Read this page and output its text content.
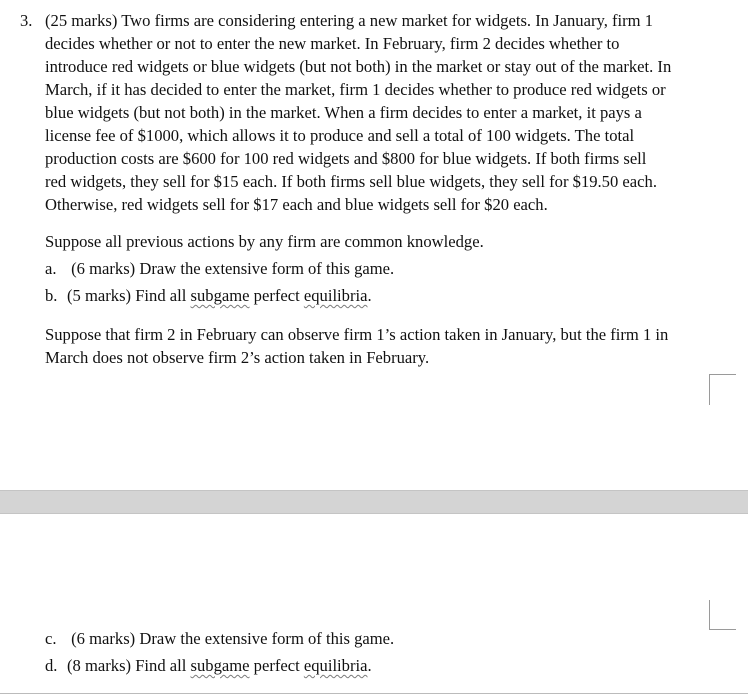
3. (25 marks) Two firms are considering entering a new market for widgets. In January, firm 1
decides whether or not to enter the new market. In February, firm 2 decides whether to
introduce red widgets or blue widgets (but not both) in the market or stay out of the market. In
March, if it has decided to enter the market, firm 1 decides whether to produce red widgets or
blue widgets (but not both) in the market. When a firm decides to enter a market, it pays a
license fee of $1000, which allows it to produce and sell a total of 100 widgets. The total
production costs are $600 for 100 red widgets and $800 for blue widgets. If both firms sell
red widgets, they sell for $15 each. If both firms sell blue widgets, they sell for $19.50 each.
Otherwise, red widgets sell for $17 each and blue widgets sell for $20 each.
Suppose all previous actions by any firm are common knowledge.
a. (6 marks) Draw the extensive form of this game.
b. (5 marks) Find all subgame perfect equilibria.
Suppose that firm 2 in February can observe firm 1’s action taken in January, but the firm 1 in
March does not observe firm 2’s action taken in February.
c. (6 marks) Draw the extensive form of this game.
d. (8 marks) Find all subgame perfect equilibria.
